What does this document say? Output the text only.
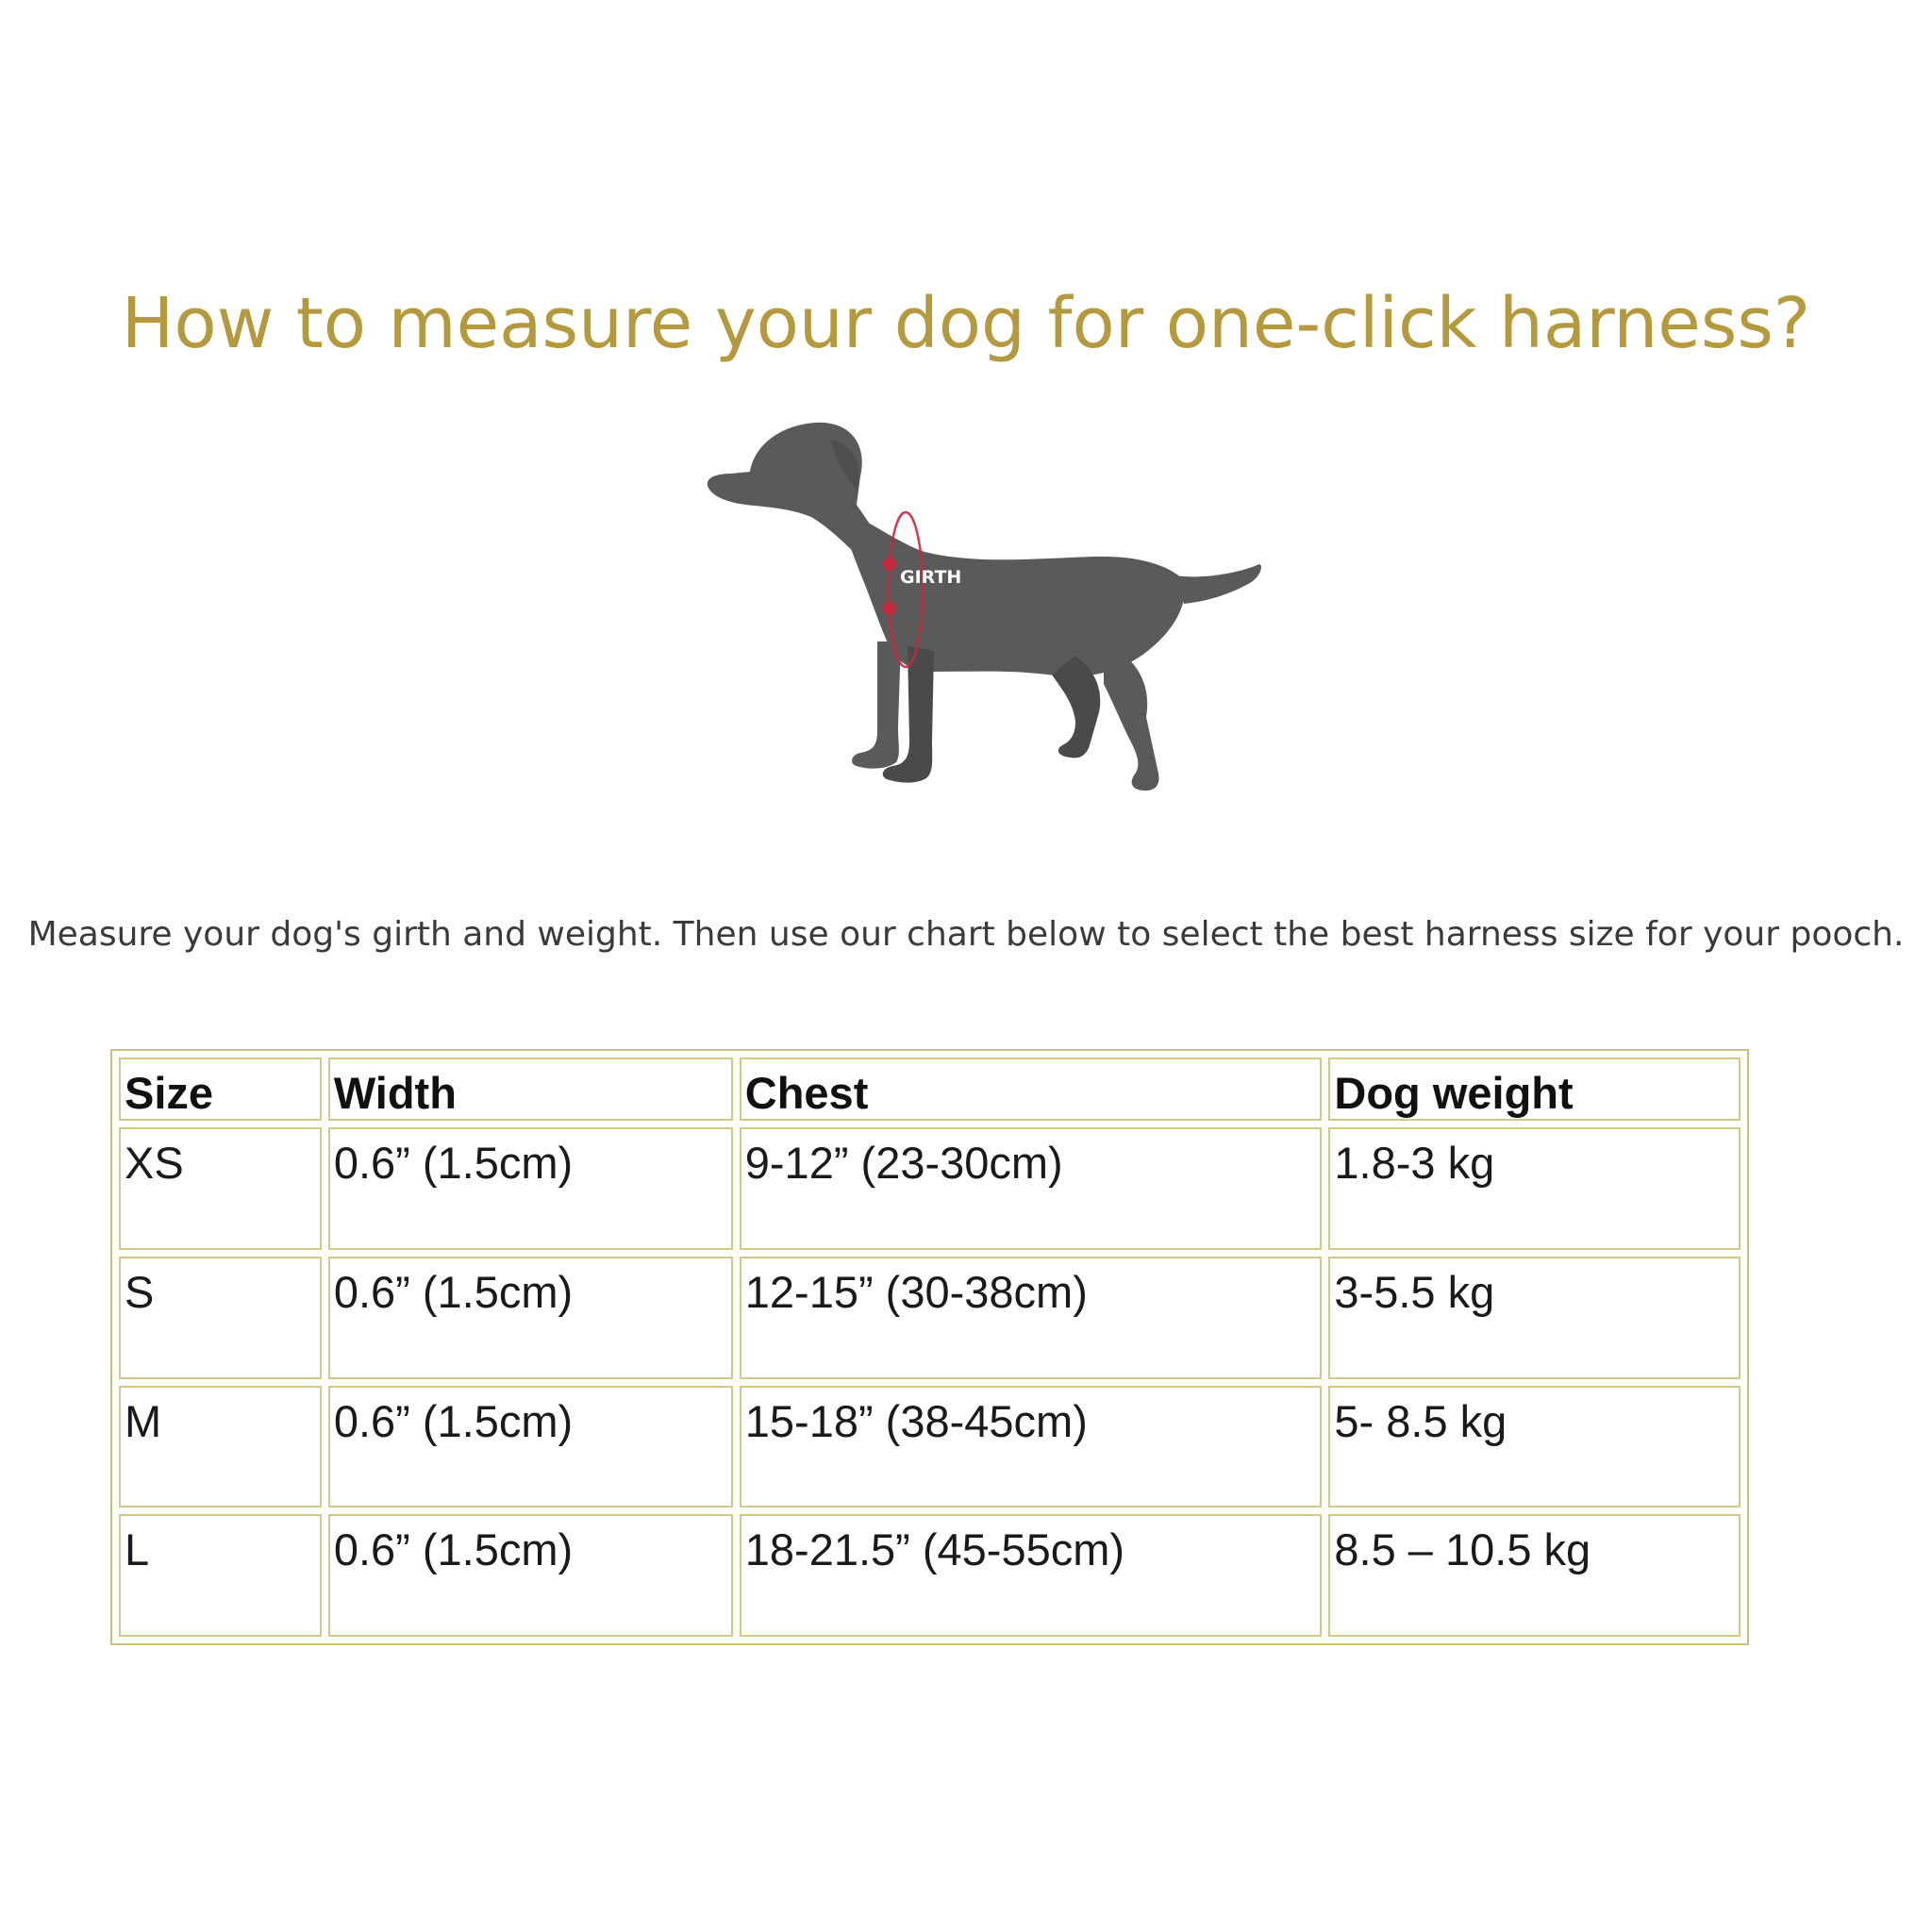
How to measure your dog for one-click harness?
GIRTH
Measure your dog's girth and weight. Then use our chart below to select the best harness size for your pooch.
Size	Width	Chest	Dog weight
XS	0.6” (1.5cm)	9-12” (23-30cm)	1.8-3 kg
S	0.6” (1.5cm)	12-15” (30-38cm)	3-5.5 kg
M	0.6” (1.5cm)	15-18” (38-45cm)	5- 8.5 kg
L	0.6” (1.5cm)	18-21.5” (45-55cm)	8.5 – 10.5 kg
